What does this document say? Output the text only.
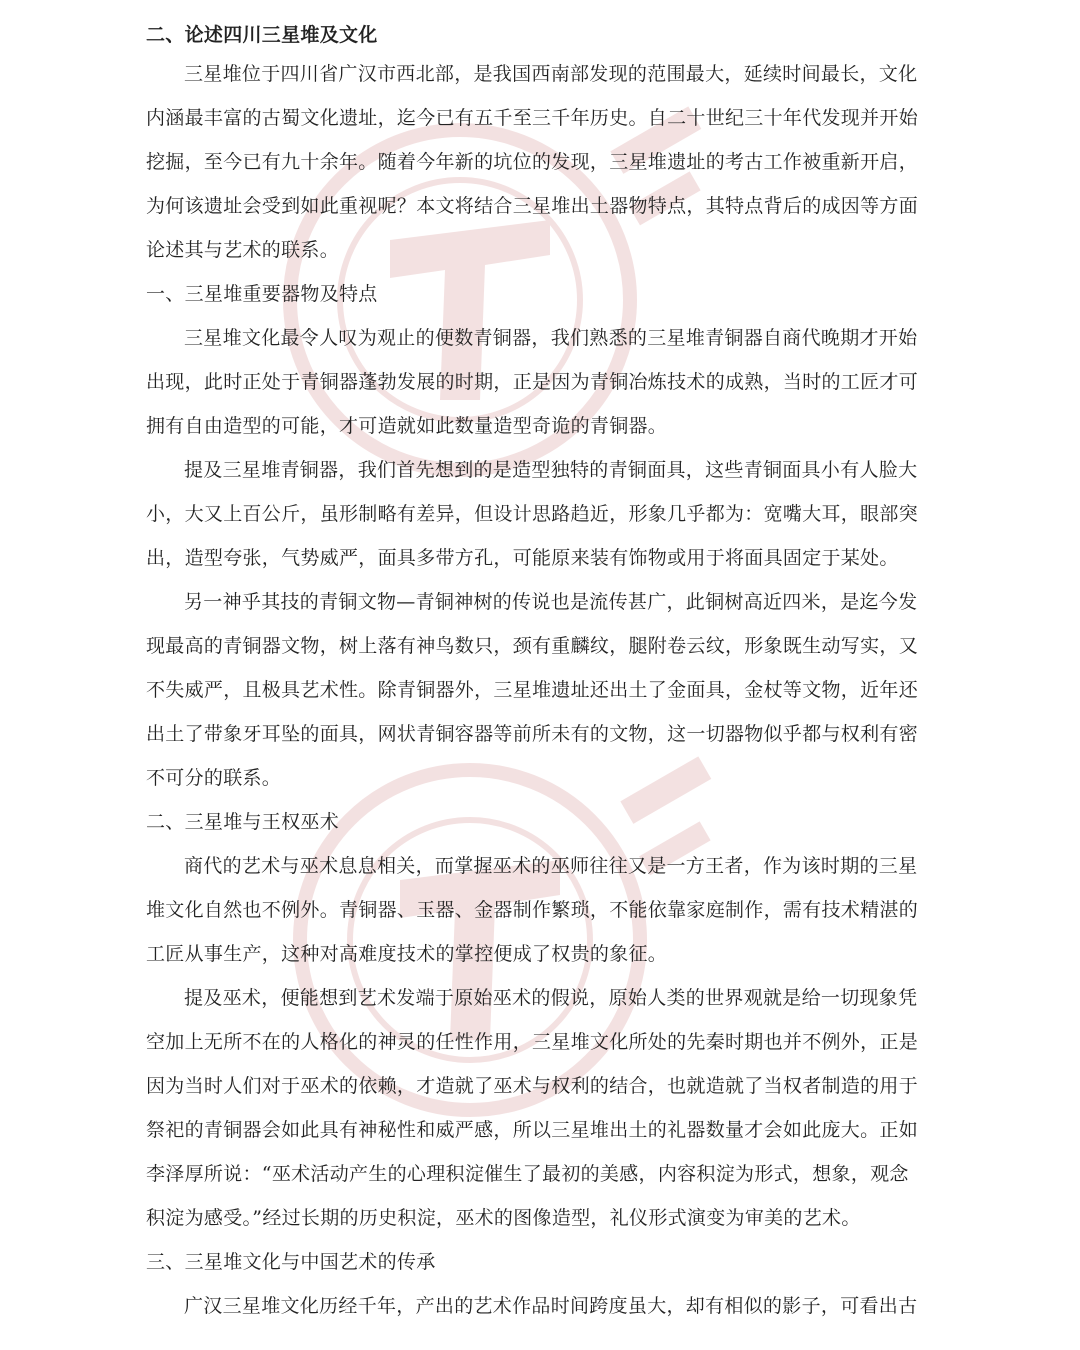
二、论述四川三星堆及文化

三星堆位于四川省广汉市西北部，是我国西南部发现的范围最大，延续时间最长，文化
内涵最丰富的古蜀文化遗址，迄今已有五千至三千年历史。自二十世纪三十年代发现并开始
挖掘，至今已有九十余年。随着今年新的坑位的发现，三星堆遗址的考古工作被重新开启，
为何该遗址会受到如此重视呢？本文将结合三星堆出土器物特点，其特点背后的成因等方面
论述其与艺术的联系。

一、三星堆重要器物及特点

三星堆文化最令人叹为观止的便数青铜器，我们熟悉的三星堆青铜器自商代晚期才开始
出现，此时正处于青铜器蓬勃发展的时期，正是因为青铜冶炼技术的成熟，当时的工匠才可
拥有自由造型的可能，才可造就如此数量造型奇诡的青铜器。

提及三星堆青铜器，我们首先想到的是造型独特的青铜面具，这些青铜面具小有人脸大
小，大又上百公斤，虽形制略有差异，但设计思路趋近，形象几乎都为：宽嘴大耳，眼部突
出，造型夸张，气势威严，面具多带方孔，可能原来装有饰物或用于将面具固定于某处。

另一神乎其技的青铜文物—青铜神树的传说也是流传甚广，此铜树高近四米，是迄今发
现最高的青铜器文物，树上落有神鸟数只，颈有重麟纹，腿附卷云纹，形象既生动写实，又
不失威严，且极具艺术性。除青铜器外，三星堆遗址还出土了金面具，金杖等文物，近年还
出土了带象牙耳坠的面具，网状青铜容器等前所未有的文物，这一切器物似乎都与权利有密
不可分的联系。

二、三星堆与王权巫术

商代的艺术与巫术息息相关，而掌握巫术的巫师往往又是一方王者，作为该时期的三星
堆文化自然也不例外。青铜器、玉器、金器制作繁琐，不能依靠家庭制作，需有技术精湛的
工匠从事生产，这种对高难度技术的掌控便成了权贵的象征。

提及巫术，便能想到艺术发端于原始巫术的假说，原始人类的世界观就是给一切现象凭
空加上无所不在的人格化的神灵的任性作用，三星堆文化所处的先秦时期也并不例外，正是
因为当时人们对于巫术的依赖，才造就了巫术与权利的结合，也就造就了当权者制造的用于
祭祀的青铜器会如此具有神秘性和威严感，所以三星堆出土的礼器数量才会如此庞大。正如
李泽厚所说：“巫术活动产生的心理积淀催生了最初的美感，内容积淀为形式，想象，观念
积淀为感受。”经过长期的历史积淀，巫术的图像造型，礼仪形式演变为审美的艺术。

三、三星堆文化与中国艺术的传承

广汉三星堆文化历经千年，产出的艺术作品时间跨度虽大，却有相似的影子，可看出古
